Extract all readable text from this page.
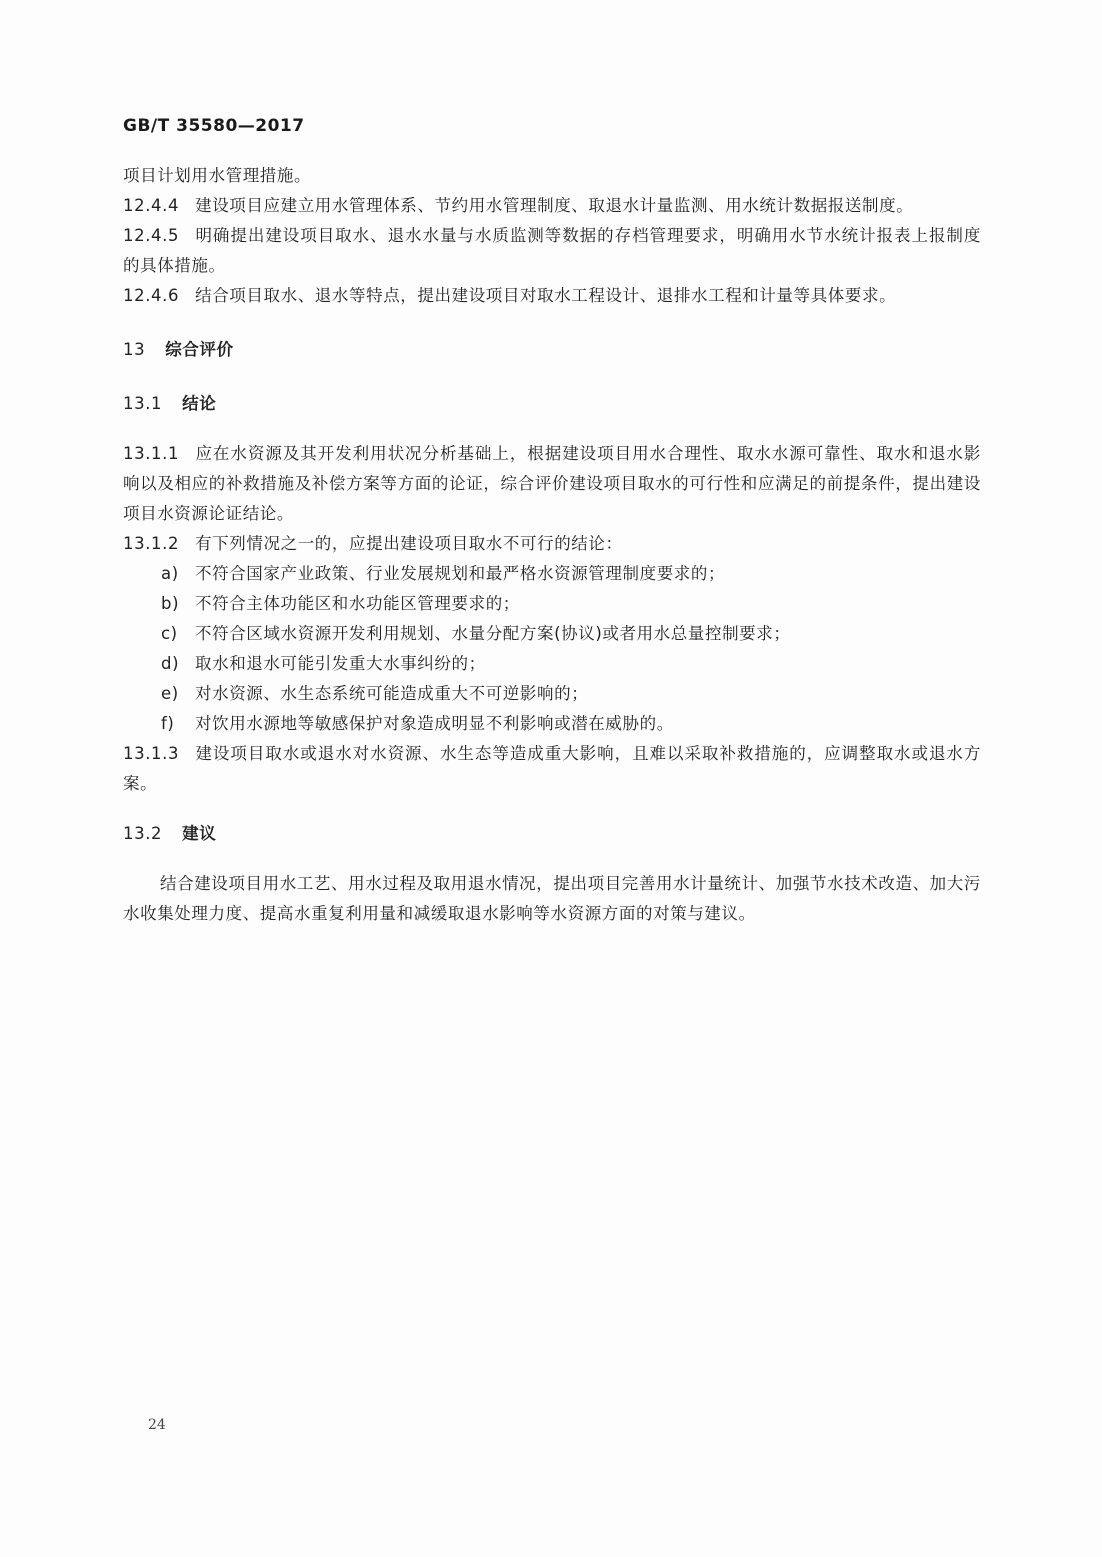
GB/T 35580—2017

项目计划用水管理措施。

12.4.4 建设项目应建立用水管理体系、节约用水管理制度、取退水计量监测、用水统计数据报送制度。

12.4.5 明确提出建设项目取水、退水水量与水质监测等数据的存档管理要求，明确用水节水统计报表上报制度的具体措施。

12.4.6 结合项目取水、退水等特点，提出建设项目对取水工程设计、退排水工程和计量等具体要求。

13 综合评价

13.1 结论

13.1.1 应在水资源及其开发利用状况分析基础上，根据建设项目用水合理性、取水水源可靠性、取水和退水影响以及相应的补救措施及补偿方案等方面的论证，综合评价建设项目取水的可行性和应满足的前提条件，提出建设项目水资源论证结论。

13.1.2 有下列情况之一的，应提出建设项目取水不可行的结论：

a) 不符合国家产业政策、行业发展规划和最严格水资源管理制度要求的；

b) 不符合主体功能区和水功能区管理要求的；

c) 不符合区域水资源开发利用规划、水量分配方案(协议)或者用水总量控制要求；

d) 取水和退水可能引发重大水事纠纷的；

e) 对水资源、水生态系统可能造成重大不可逆影响的；

f) 对饮用水源地等敏感保护对象造成明显不利影响或潜在威胁的。

13.1.3 建设项目取水或退水对水资源、水生态等造成重大影响，且难以采取补救措施的，应调整取水或退水方案。

13.2 建议

结合建设项目用水工艺、用水过程及取用退水情况，提出项目完善用水计量统计、加强节水技术改造、加大污水收集处理力度、提高水重复利用量和减缓取退水影响等水资源方面的对策与建议。

24
